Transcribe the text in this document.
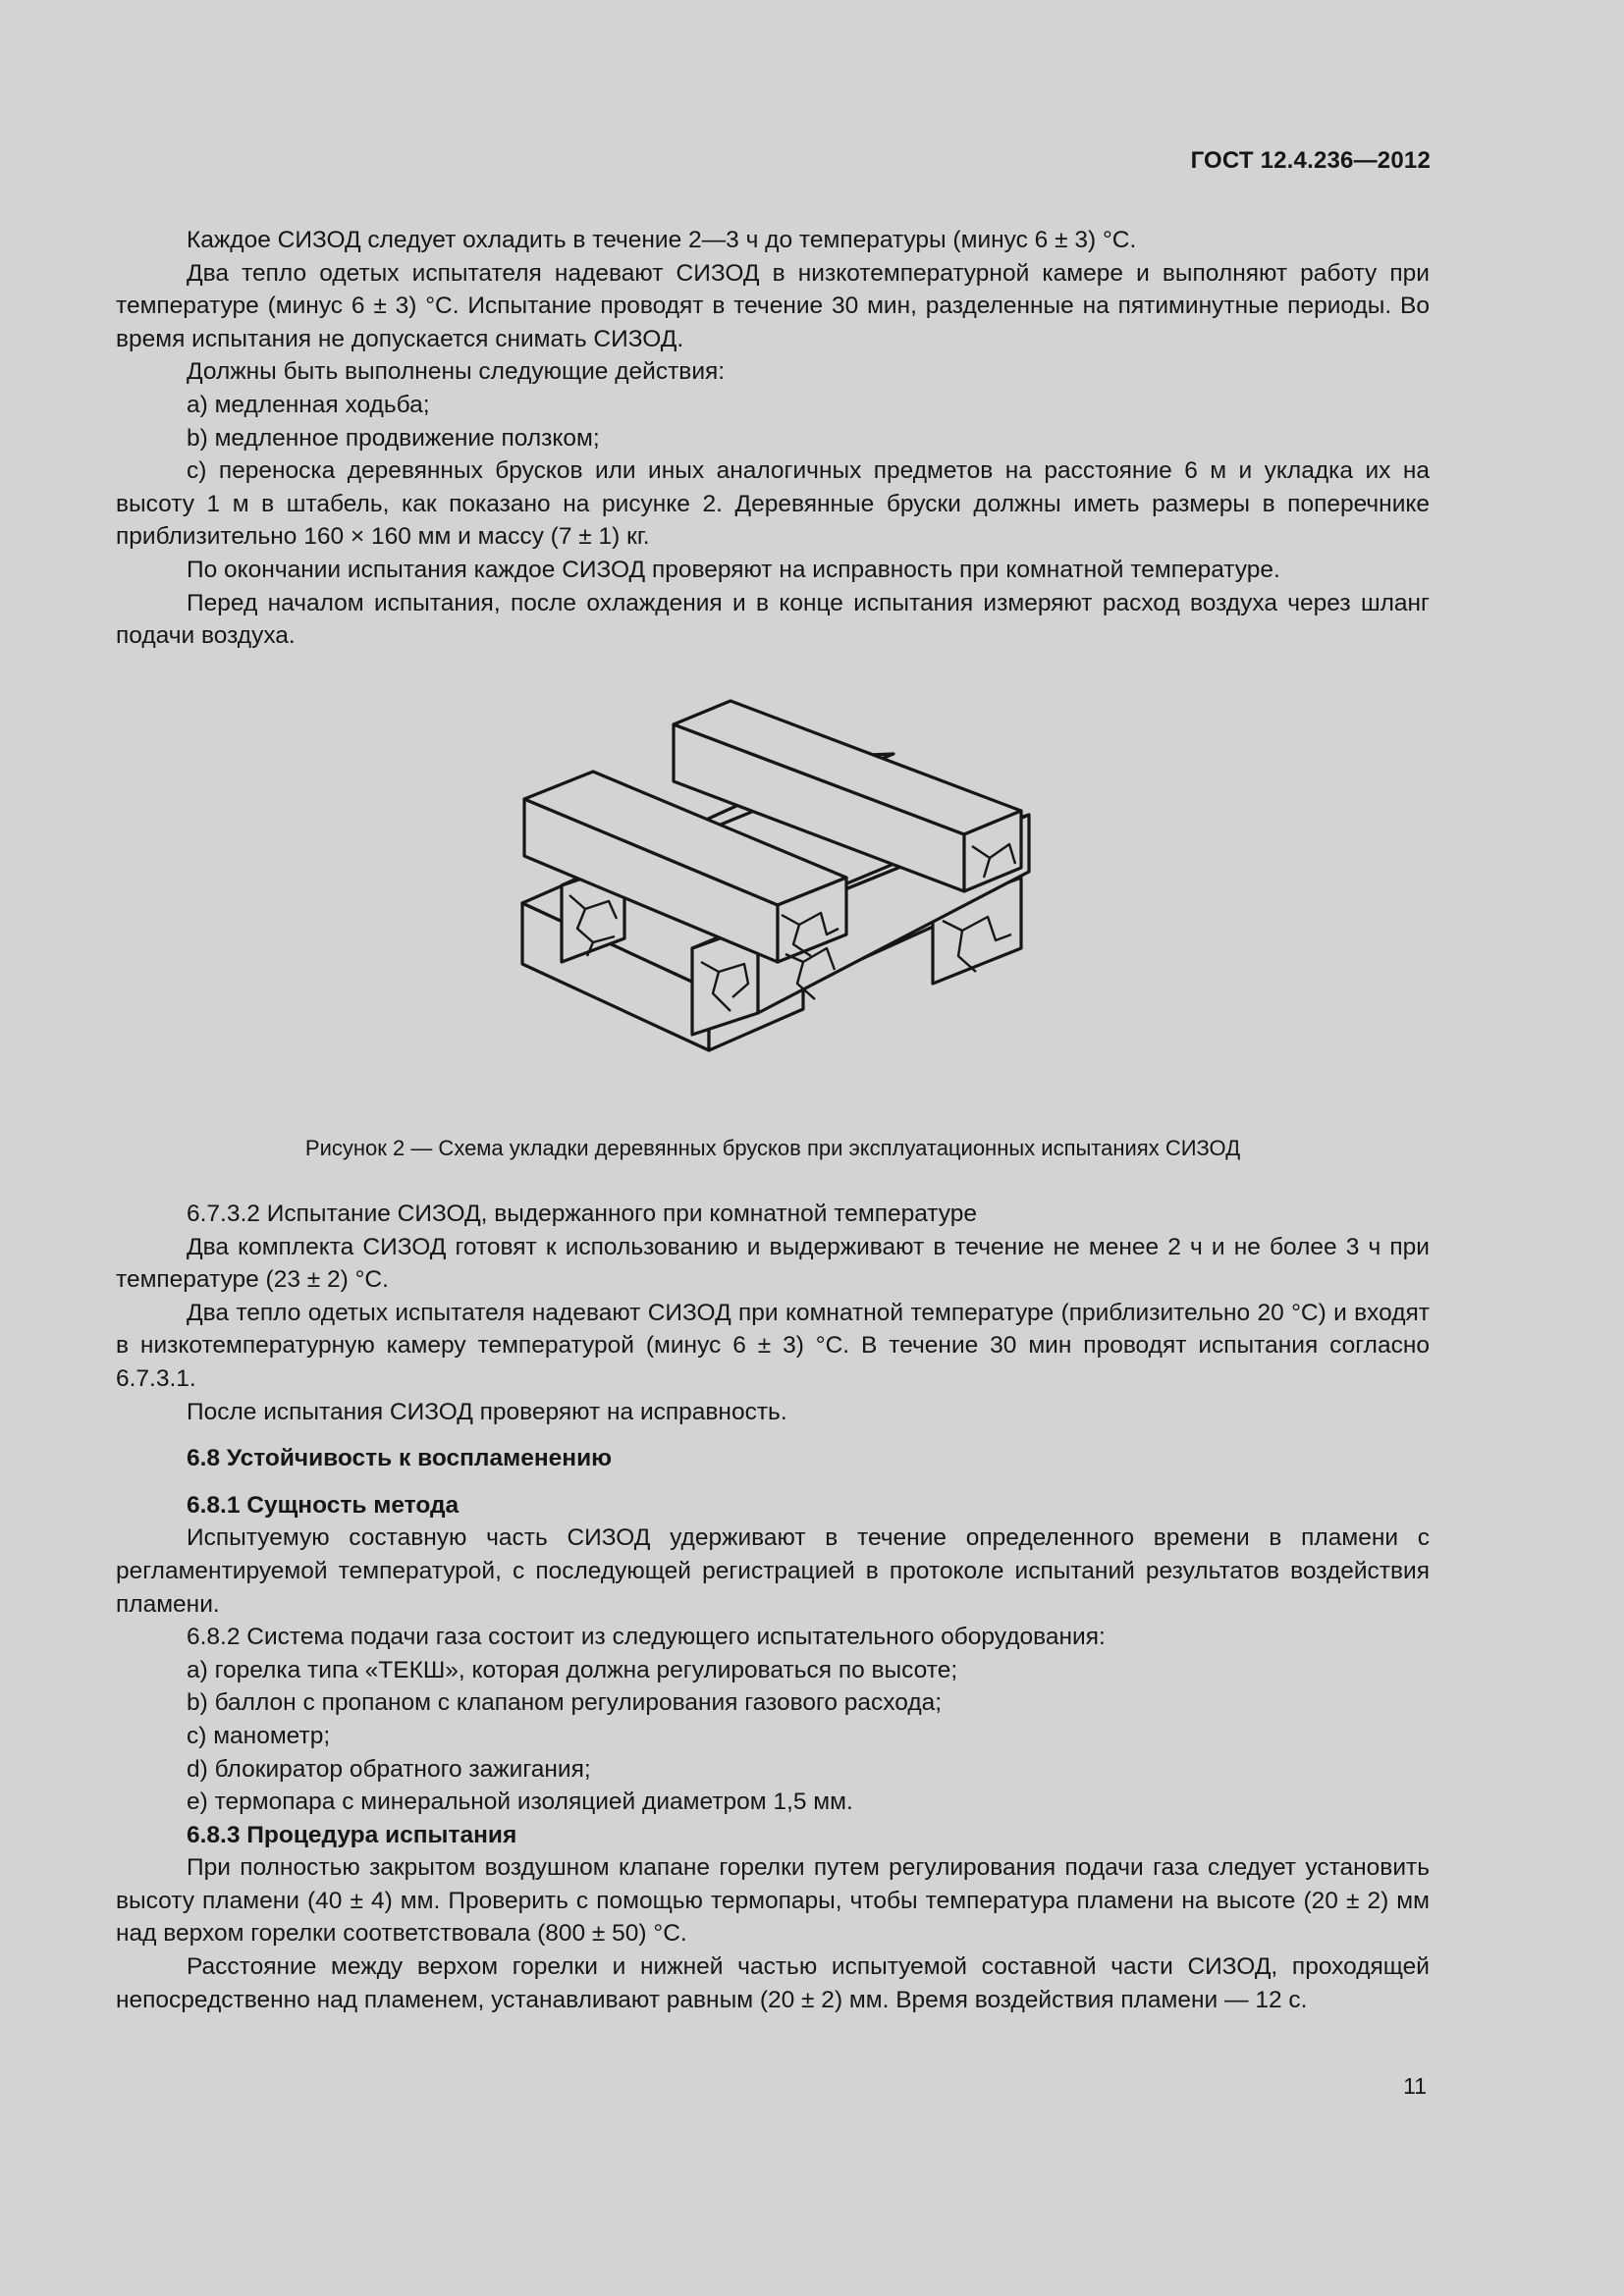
ГОСТ 12.4.236—2012

Каждое СИЗОД следует охладить в течение 2—3 ч до температуры (минус 6 ± 3) °С.

Два тепло одетых испытателя надевают СИЗОД в низкотемпературной камере и выполняют работу при температуре (минус 6 ± 3) °С. Испытание проводят в течение 30 мин, разделенные на пятиминутные периоды. Во время испытания не допускается снимать СИЗОД.

Должны быть выполнены следующие действия:

a) медленная ходьба;

b) медленное продвижение ползком;

c) переноска деревянных брусков или иных аналогичных предметов на расстояние 6 м и укладка их на высоту 1 м в штабель, как показано на рисунке 2. Деревянные бруски должны иметь размеры в поперечнике приблизительно 160 × 160 мм и массу (7 ± 1) кг.

По окончании испытания каждое СИЗОД проверяют на исправность при комнатной температуре.

Перед началом испытания, после охлаждения и в конце испытания измеряют расход воздуха через шланг подачи воздуха.

Рисунок 2 — Схема укладки деревянных брусков при эксплуатационных испытаниях СИЗОД

6.7.3.2 Испытание СИЗОД, выдержанного при комнатной температуре

Два комплекта СИЗОД готовят к использованию и выдерживают в течение не менее 2 ч и не более 3 ч при температуре (23 ± 2) °С.

Два тепло одетых испытателя надевают СИЗОД при комнатной температуре (приблизительно 20 °С) и входят в низкотемпературную камеру температурой (минус 6 ± 3) °С. В течение 30 мин проводят испытания согласно 6.7.3.1.

После испытания СИЗОД проверяют на исправность.

6.8 Устойчивость к воспламенению

6.8.1 Сущность метода

Испытуемую составную часть СИЗОД удерживают в течение определенного времени в пламени с регламентируемой температурой, с последующей регистрацией в протоколе испытаний результатов воздействия пламени.

6.8.2 Система подачи газа состоит из следующего испытательного оборудования:

a) горелка типа «ТЕКШ», которая должна регулироваться по высоте;

b) баллон с пропаном с клапаном регулирования газового расхода;

c) манометр;

d) блокиратор обратного зажигания;

e) термопара с минеральной изоляцией диаметром 1,5 мм.

6.8.3 Процедура испытания

При полностью закрытом воздушном клапане горелки путем регулирования подачи газа следует установить высоту пламени (40 ± 4) мм. Проверить с помощью термопары, чтобы температура пламени на высоте (20 ± 2) мм над верхом горелки соответствовала (800 ± 50) °С.

Расстояние между верхом горелки и нижней частью испытуемой составной части СИЗОД, проходящей непосредственно над пламенем, устанавливают равным (20 ± 2) мм. Время воздействия пламени — 12 с.

11
